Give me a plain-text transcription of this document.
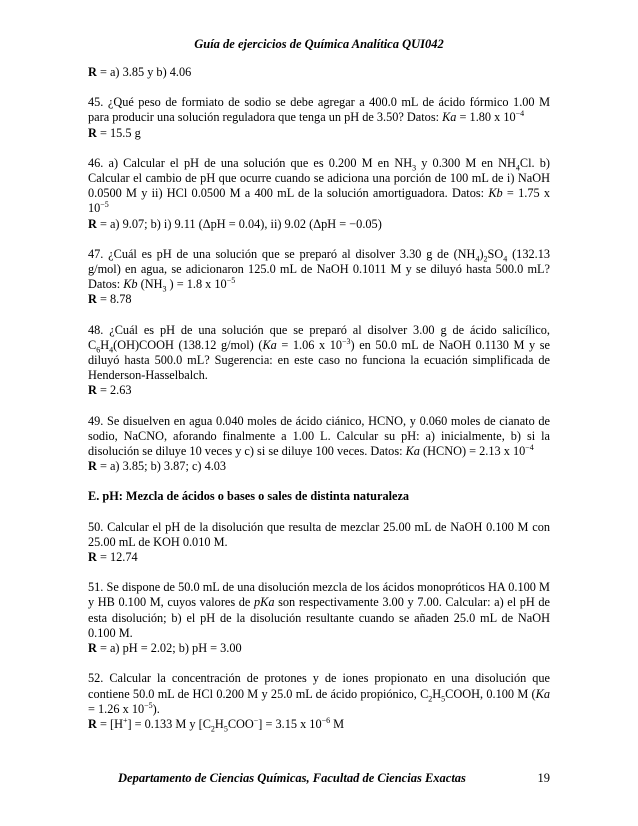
Guía de ejercicios de Química Analítica QUI042
R = a) 3.85 y b) 4.06
45. ¿Qué peso de formiato de sodio se debe agregar a 400.0 mL de ácido fórmico 1.00 M para producir una solución reguladora que tenga un pH de 3.50? Datos: Ka = 1.80 x $10^{-4}$
R = 15.5 g
46. a) Calcular el pH de una solución que es 0.200 M en $NH_3$ y 0.300 M en $NH_4Cl$. b) Calcular el cambio de pH que ocurre cuando se adiciona una porción de 100 mL de i) NaOH 0.0500 M y ii) HCl 0.0500 M a 400 mL de la solución amortiguadora. Datos: Kb = 1.75 x $10^{-5}$
R = a) 9.07; b) i) 9.11 (ΔpH = 0.04), ii) 9.02 (ΔpH = −0.05)
47. ¿Cuál es pH de una solución que se preparó al disolver 3.30 g de $(NH_4)_2SO_4$ (132.13 g/mol) en agua, se adicionaron 125.0 mL de NaOH 0.1011 M y se diluyó hasta 500.0 mL? Datos: Kb ($NH_3$ ) = 1.8 x $10^{-5}$
R = 8.78
48. ¿Cuál es pH de una solución que se preparó al disolver 3.00 g de ácido salicílico, $C_6H_4(OH)COOH$ (138.12 g/mol) (Ka = 1.06 x $10^{-3}$) en 50.0 mL de NaOH 0.1130 M y se diluyó hasta 500.0 mL? Sugerencia: en este caso no funciona la ecuación simplificada de Henderson-Hasselbalch.
R = 2.63
49. Se disuelven en agua 0.040 moles de ácido ciánico, HCNO, y 0.060 moles de cianato de sodio, NaCNO, aforando finalmente a 1.00 L. Calcular su pH: a) inicialmente, b) si la disolución se diluye 10 veces y c) si se diluye 100 veces. Datos: Ka (HCNO) = 2.13 x $10^{-4}$
R = a) 3.85; b) 3.87; c) 4.03
E. pH: Mezcla de ácidos o bases o sales de distinta naturaleza
50. Calcular el pH de la disolución que resulta de mezclar 25.00 mL de NaOH 0.100 M con 25.00 mL de KOH 0.010 M.
R = 12.74
51. Se dispone de 50.0 mL de una disolución mezcla de los ácidos monopróticos HA 0.100 M y HB 0.100 M, cuyos valores de pKa son respectivamente 3.00 y 7.00. Calcular: a) el pH de esta disolución; b) el pH de la disolución resultante cuando se añaden 25.0 mL de NaOH 0.100 M.
R = a) pH = 2.02; b) pH = 3.00
52. Calcular la concentración de protones y de iones propionato en una disolución que contiene 50.0 mL de HCl 0.200 M y 25.0 mL de ácido propiónico, $C_2H_5COOH$, 0.100 M (Ka = 1.26 x $10^{-5}$).
R = [H+] = 0.133 M y $[C_2H_5COO^-] = 3.15$ x $10^{-6}$ M
Departamento de Ciencias Químicas, Facultad de Ciencias Exactas	19
